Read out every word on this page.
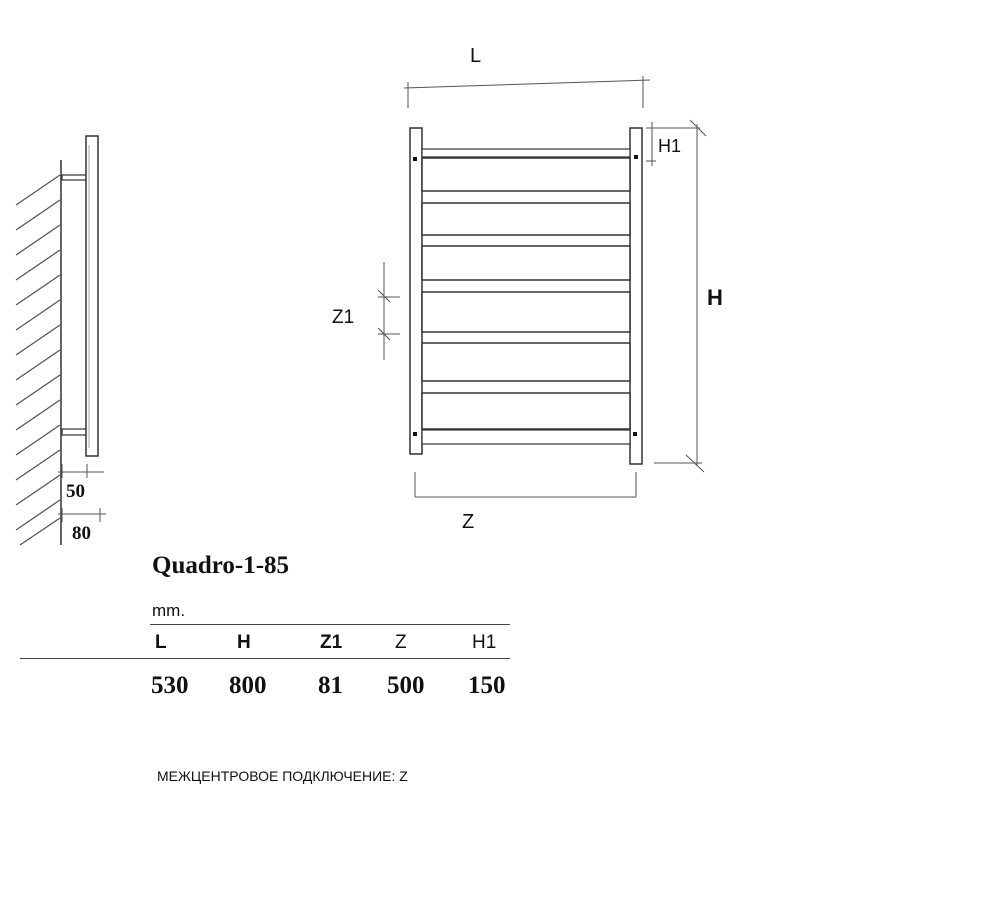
50
80
L
H1
H
Z1
Z
Quadro-1-85
mm.
L	H	Z1	Z	H1
530 800 81 500 150
МЕЖЦЕНТРОВОЕ ПОДКЛЮЧЕНИЕ: Z
